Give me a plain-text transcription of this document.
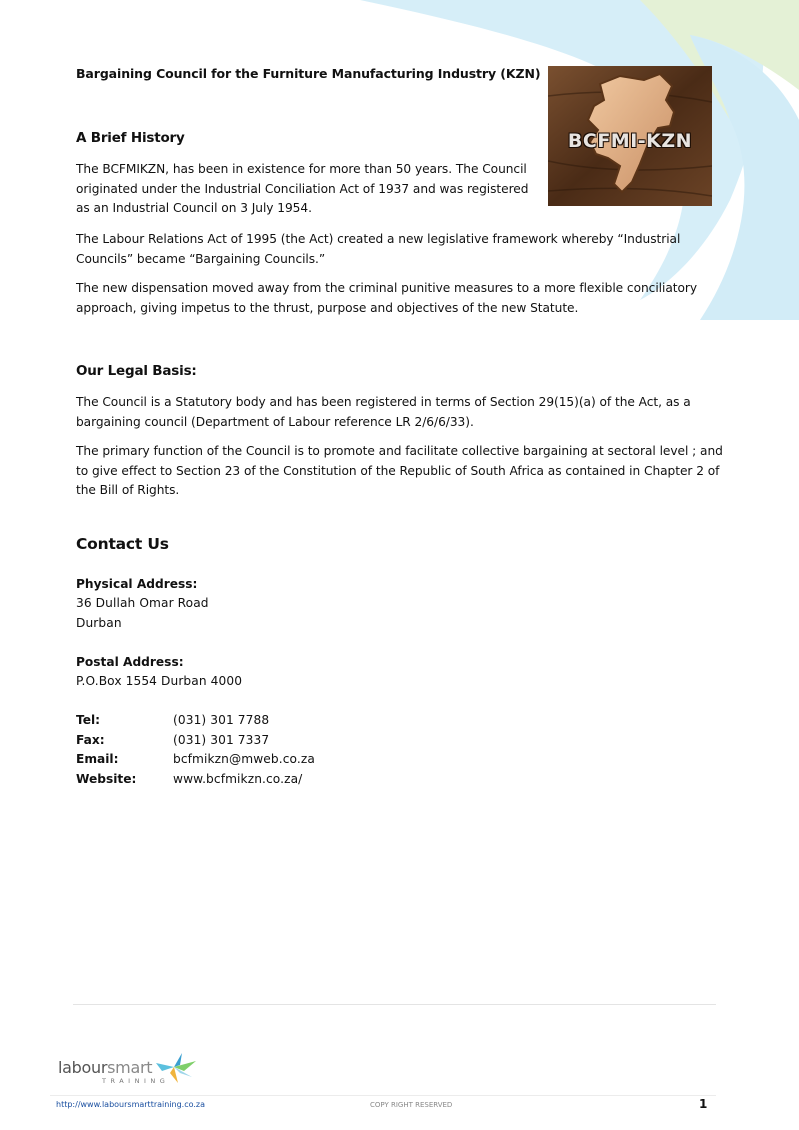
Bargaining Council for the Furniture Manufacturing Industry (KZN)
A Brief History
The BCFMIKZN, has been in existence for more than 50 years. The Council
originated under the Industrial Conciliation Act of 1937 and was registered
as an Industrial Council on 3 July 1954.
The Labour Relations Act of 1995 (the Act) created a new legislative framework whereby “Industrial
Councils” became “Bargaining Councils.”
The new dispensation moved away from the criminal punitive measures to a more flexible conciliatory
approach, giving impetus to the thrust, purpose and objectives of the new Statute.
Our Legal Basis:
The Council is a Statutory body and has been registered in terms of Section 29(15)(a) of the Act, as a
bargaining council (Department of Labour reference LR 2/6/6/33).
The primary function of the Council is to promote and facilitate collective bargaining at sectoral level ; and
to give effect to Section 23 of the Constitution of the Republic of South Africa as contained in Chapter 2 of
the Bill of Rights.
Contact Us
Physical Address:
36 Dullah Omar Road
Durban
Postal Address:
P.O.Box 1554 Durban 4000
Tel:	(031) 301 7788
Fax:	(031) 301 7337
Email:	bcfmikzn@mweb.co.za
Website:	www.bcfmikzn.co.za/
BCFMI-KZN
laboursmart
TRAINING
http://www.laboursmarttraining.co.za	COPY RIGHT RESERVED	1
